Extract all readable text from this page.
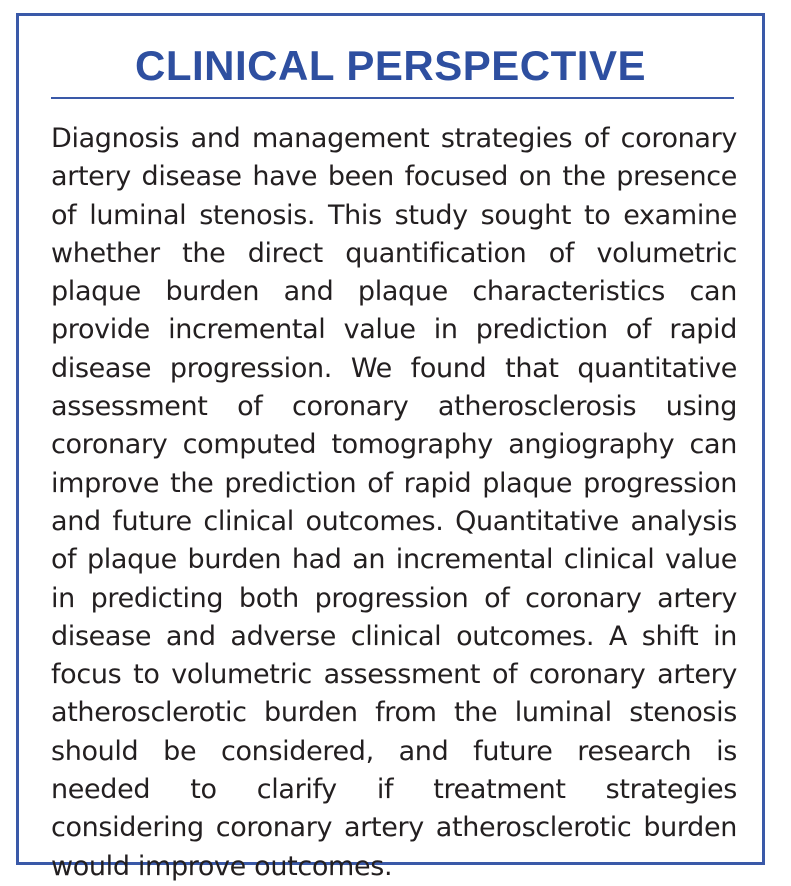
CLINICAL PERSPECTIVE

Diagnosis and management strategies of coronary artery disease have been focused on the presence of luminal stenosis. This study sought to examine whether the direct quantification of volumetric plaque burden and plaque characteristics can provide incremental value in prediction of rapid disease progression. We found that quantitative assessment of coronary atherosclerosis using coronary computed tomography angiography can improve the prediction of rapid plaque progression and future clinical outcomes. Quantitative analysis of plaque burden had an incremental clinical value in predicting both progression of coronary artery disease and adverse clinical outcomes. A shift in focus to volumetric assessment of coronary artery atherosclerotic burden from the luminal stenosis should be considered, and future research is needed to clarify if treatment strategies considering coronary artery atherosclerotic burden would improve outcomes.
